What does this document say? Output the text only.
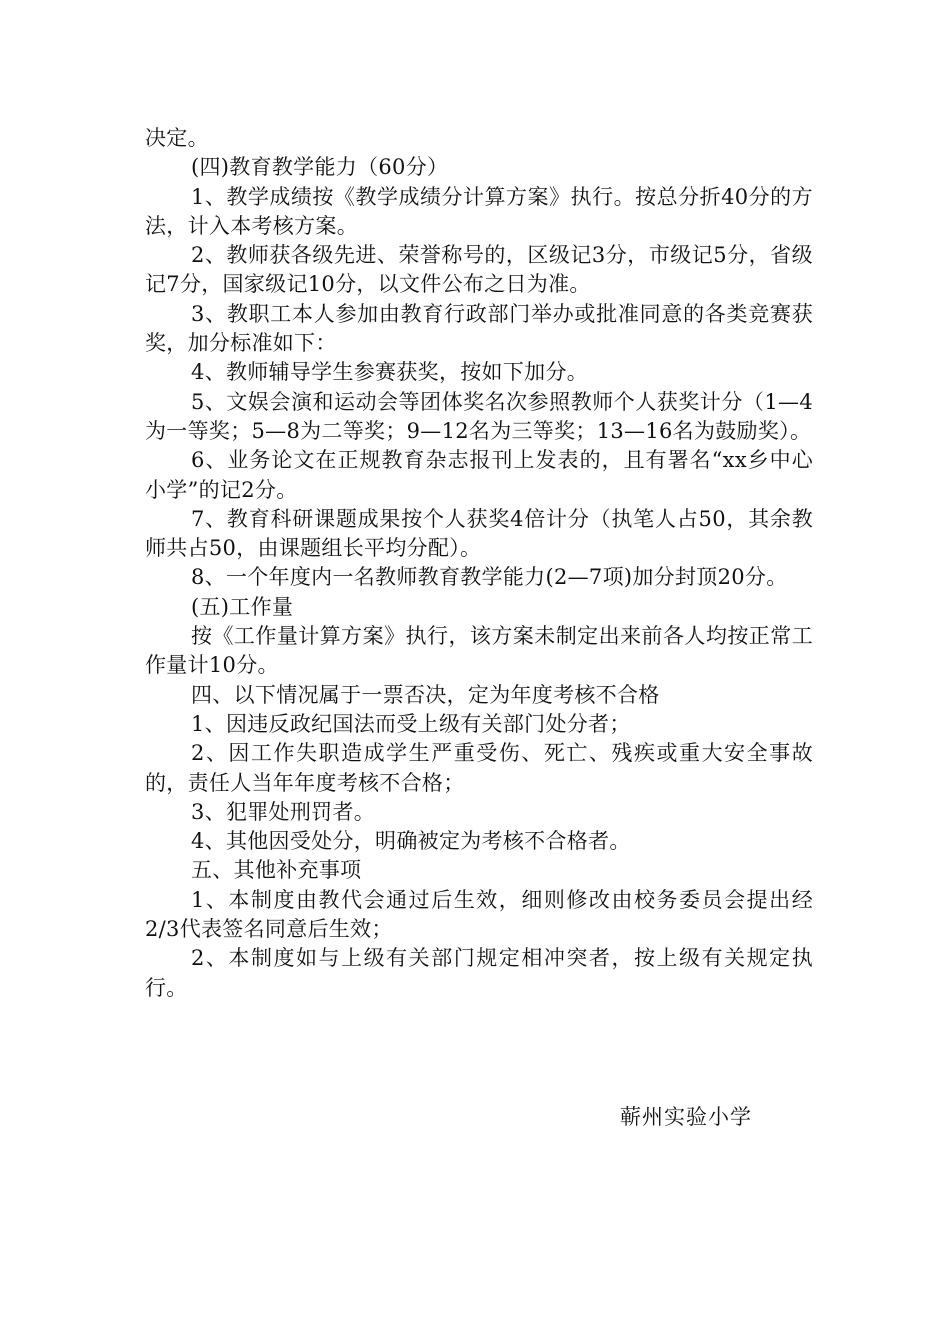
决定。

(四)教育教学能力（60分）

1、教学成绩按《教学成绩分计算方案》执行。按总分折40分的方法，计入本考核方案。

2、教师获各级先进、荣誉称号的，区级记3分，市级记5分，省级记7分，国家级记10分，以文件公布之日为准。

3、教职工本人参加由教育行政部门举办或批准同意的各类竞赛获奖，加分标准如下：

4、教师辅导学生参赛获奖，按如下加分。

5、文娱会演和运动会等团体奖名次参照教师个人获奖计分（1—4为一等奖；5—8为二等奖；9—12名为三等奖；13—16名为鼓励奖）。

6、业务论文在正规教育杂志报刊上发表的，且有署名“xx乡中心小学”的记2分。

7、教育科研课题成果按个人获奖4倍计分（执笔人占50，其余教师共占50，由课题组长平均分配）。

8、一个年度内一名教师教育教学能力(2—7项)加分封顶20分。

(五)工作量

按《工作量计算方案》执行，该方案未制定出来前各人均按正常工作量计10分。

四、以下情况属于一票否决，定为年度考核不合格

1、因违反政纪国法而受上级有关部门处分者；

2、因工作失职造成学生严重受伤、死亡、残疾或重大安全事故的，责任人当年年度考核不合格；

3、犯罪处刑罚者。

4、其他因受处分，明确被定为考核不合格者。

五、其他补充事项

1、本制度由教代会通过后生效，细则修改由校务委员会提出经2/3代表签名同意后生效；

2、本制度如与上级有关部门规定相冲突者，按上级有关规定执行。

蕲州实验小学
